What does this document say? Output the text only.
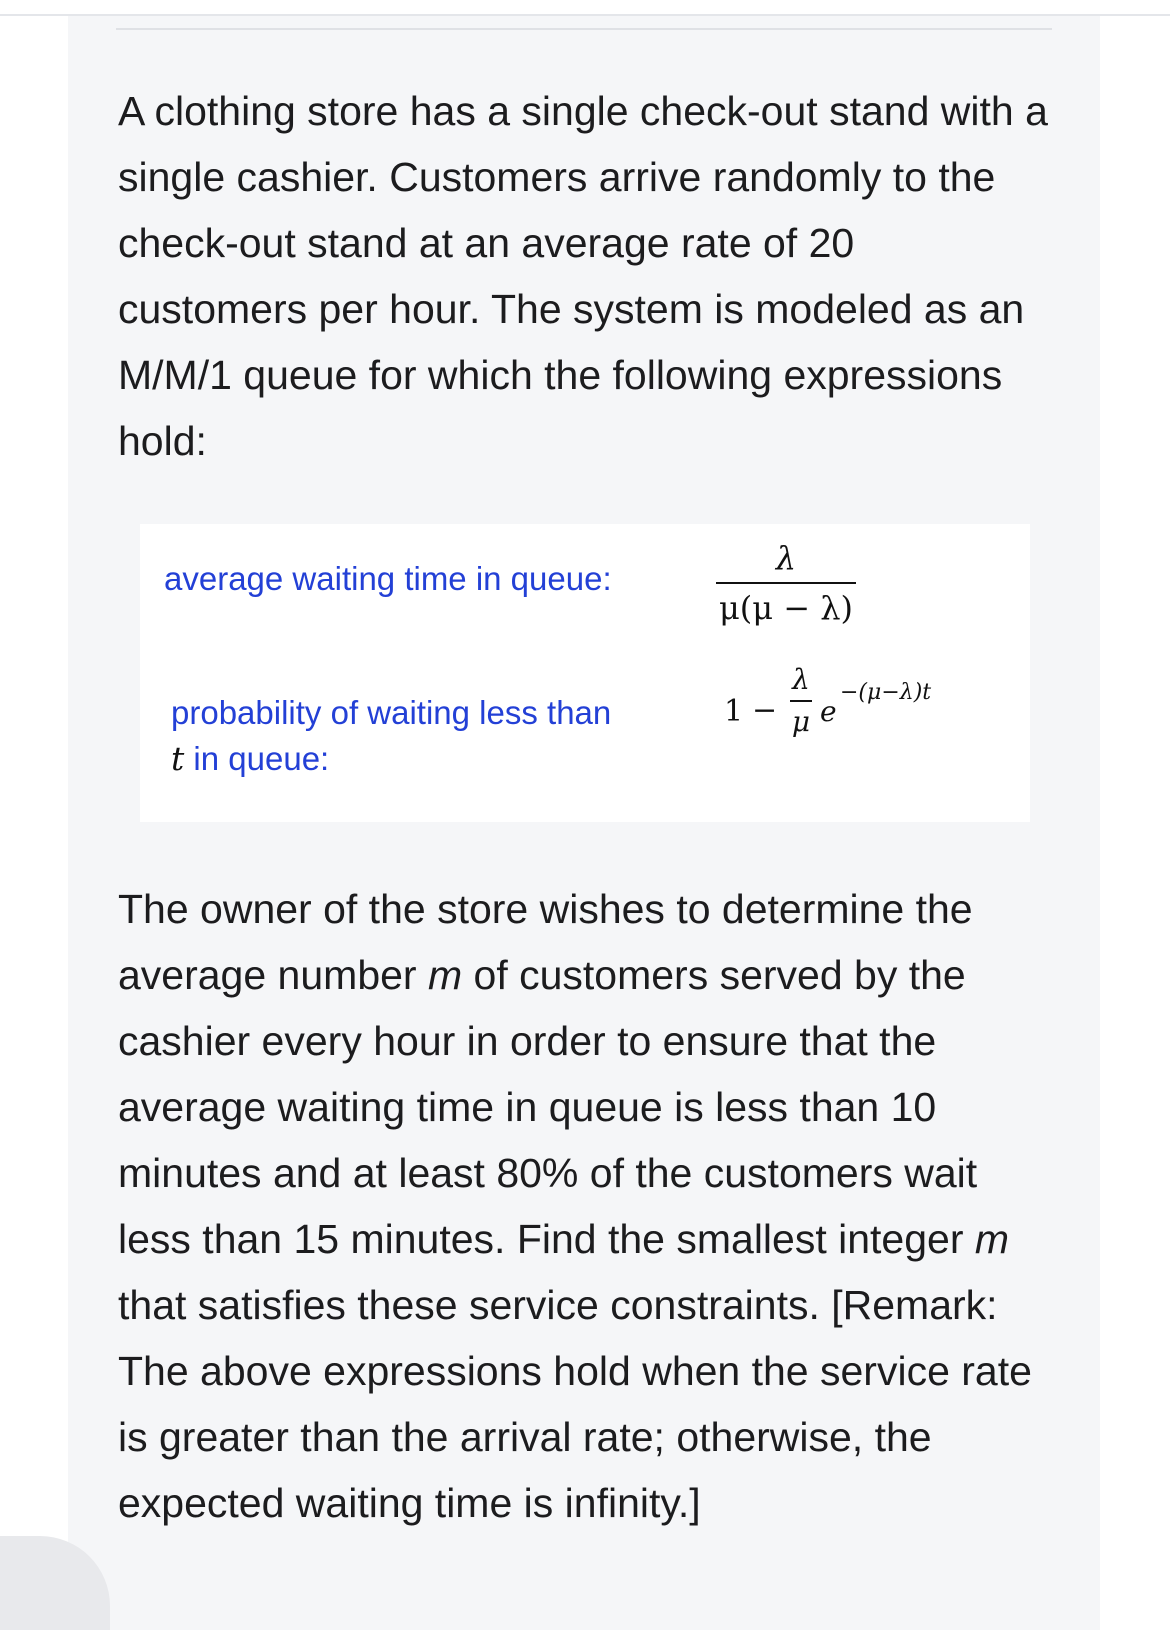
A clothing store has a single check-out stand with a single cashier. Customers arrive randomly to the check-out stand at an average rate of 20 customers per hour. The system is modeled as an M/M/1 queue for which the following expressions hold:

average waiting time in queue:
λ
μ(μ − λ)
probability of waiting less than
t in queue:
1 −
λ
μ e
−(μ−λ)t

The owner of the store wishes to determine the average number m of customers served by the cashier every hour in order to ensure that the average waiting time in queue is less than 10 minutes and at least 80% of the customers wait less than 15 minutes. Find the smallest integer m that satisfies these service constraints. [Remark: The above expressions hold when the service rate is greater than the arrival rate; otherwise, the expected waiting time is infinity.]
